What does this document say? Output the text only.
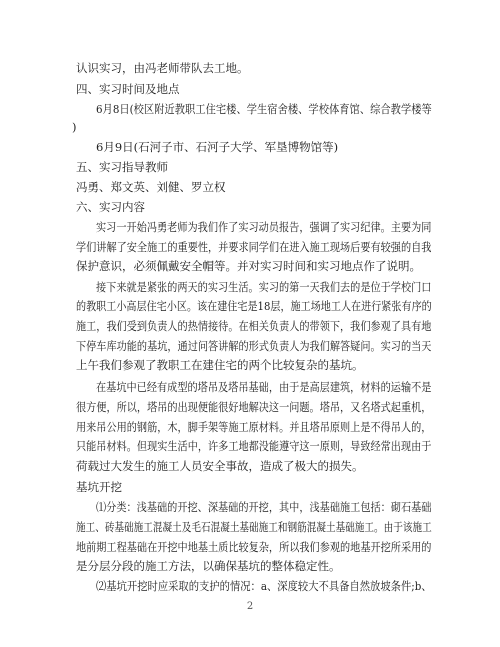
认识实习，由冯老师带队去工地。
四、实习时间及地点
6月8日(校区附近教职工住宅楼、学生宿舍楼、学校体育馆、综合教学楼等
)
6月9日(石河子市、石河子大学、军垦博物馆等)
五、实习指导教师
冯勇、郑文英、刘健、罗立权
六、实习内容
实习一开始冯勇老师为我们作了实习动员报告，强调了实习纪律。主要为同
学们讲解了安全施工的重要性，并要求同学们在进入施工现场后要有较强的自我
保护意识，必须佩戴安全帽等。并对实习时间和实习地点作了说明。
接下来就是紧张的两天的实习生活。实习的第一天我们去的是位于学校门口
的教职工小高层住宅小区。该在建住宅是18层，施工场地工人在进行紧张有序的
施工，我们受到负责人的热情接待。在相关负责人的带领下，我们参观了具有地
下停车库功能的基坑，通过问答讲解的形式负责人为我们解答疑问。实习的当天
上午我们参观了教职工在建住宅的两个比较复杂的基坑。
在基坑中已经有成型的塔吊及塔吊基础，由于是高层建筑，材料的运输不是
很方便，所以，塔吊的出现便能很好地解决这一问题。塔吊，又名塔式起重机，
用来吊公用的钢筋，木，脚手架等施工原材料。并且塔吊原则上是不得吊人的，
只能吊材料。但现实生活中，许多工地都没能遵守这一原则，导致经常出现由于
荷载过大发生的施工人员安全事故，造成了极大的损失。
基坑开挖
⑴分类：浅基础的开挖、深基础的开挖，其中，浅基础施工包括：砌石基础
施工、砖基础施工混凝土及毛石混凝土基础施工和钢筋混凝土基础施工。由于该施工
地前期工程基础在开挖中地基土质比较复杂，所以我们参观的地基开挖所采用的
是分层分段的施工方法，以确保基坑的整体稳定性。
⑵基坑开挖时应采取的支护的情况：a、深度较大不具备自然放坡条件;b、
2
